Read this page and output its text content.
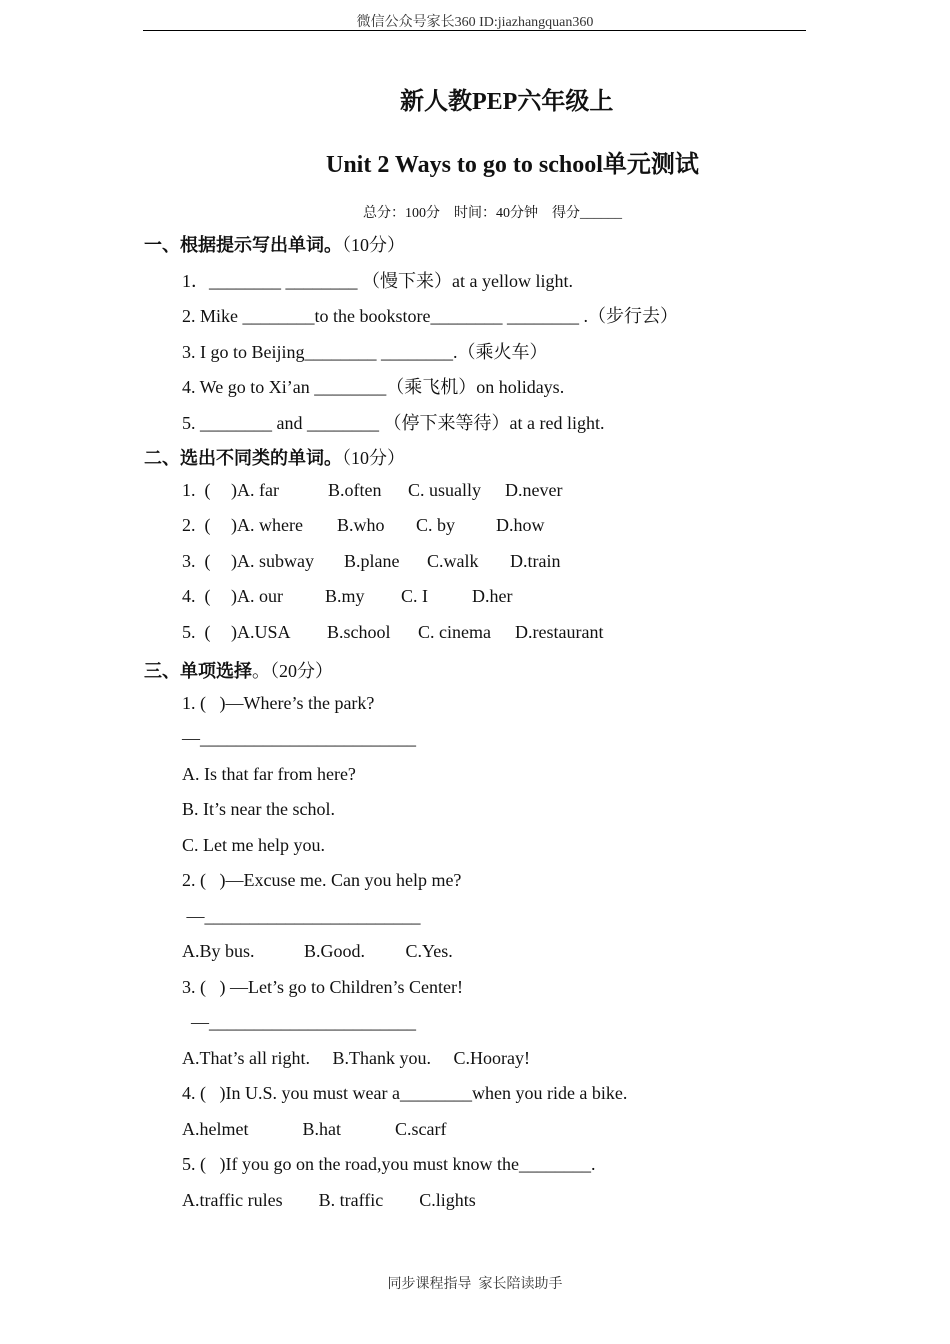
微信公众号家长360 ID:jiazhangquan360
新人教PEP六年级上
Unit 2 Ways to go to school单元测试
总分：100分    时间：40分钟    得分______
一、根据提示写出单词。（10分）
1．________ ________ （慢下来）at a yellow light.
2. Mike ________to the bookstore________ ________ .（步行去）
3. I go to Beijing________ ________.（乘火车）
4. We go to Xi’an ________（乘飞机）on holidays.
5. ________ and ________ （停下来等待）at a red light.
二、选出不同类的单词。（10分）

1.  (

)A. far

	B.often

C. usually

D.never

2.  (

)A. where

B.who

C. by

D.how

3.  (

)A. subway

B.plane

C.walk

D.train

4.  (

)A. our

B.my

C. I

D.her

5.  (

)A.USA

B.school

C. cinema

D.restaurant

三、单项选择。（20分）
1. (   )—Where’s the park?
—________________________
A. Is that far from here?
B. It’s near the schol.
C. Let me help you.
2. (   )—Excuse me. Can you help me?
—________________________
A.By bus.           B.Good.         C.Yes.
3. (   ) —Let’s go to Children’s Center!
—_______________________
A.That’s all right.     B.Thank you.     C.Hooray!
4. (   )In U.S. you must wear a________when you ride a bike.
A.helmet            B.hat            C.scarf
5. (   )If you go on the road,you must know the________.
A.traffic rules        B. traffic        C.lights
同步课程指导  家长陪读助手
